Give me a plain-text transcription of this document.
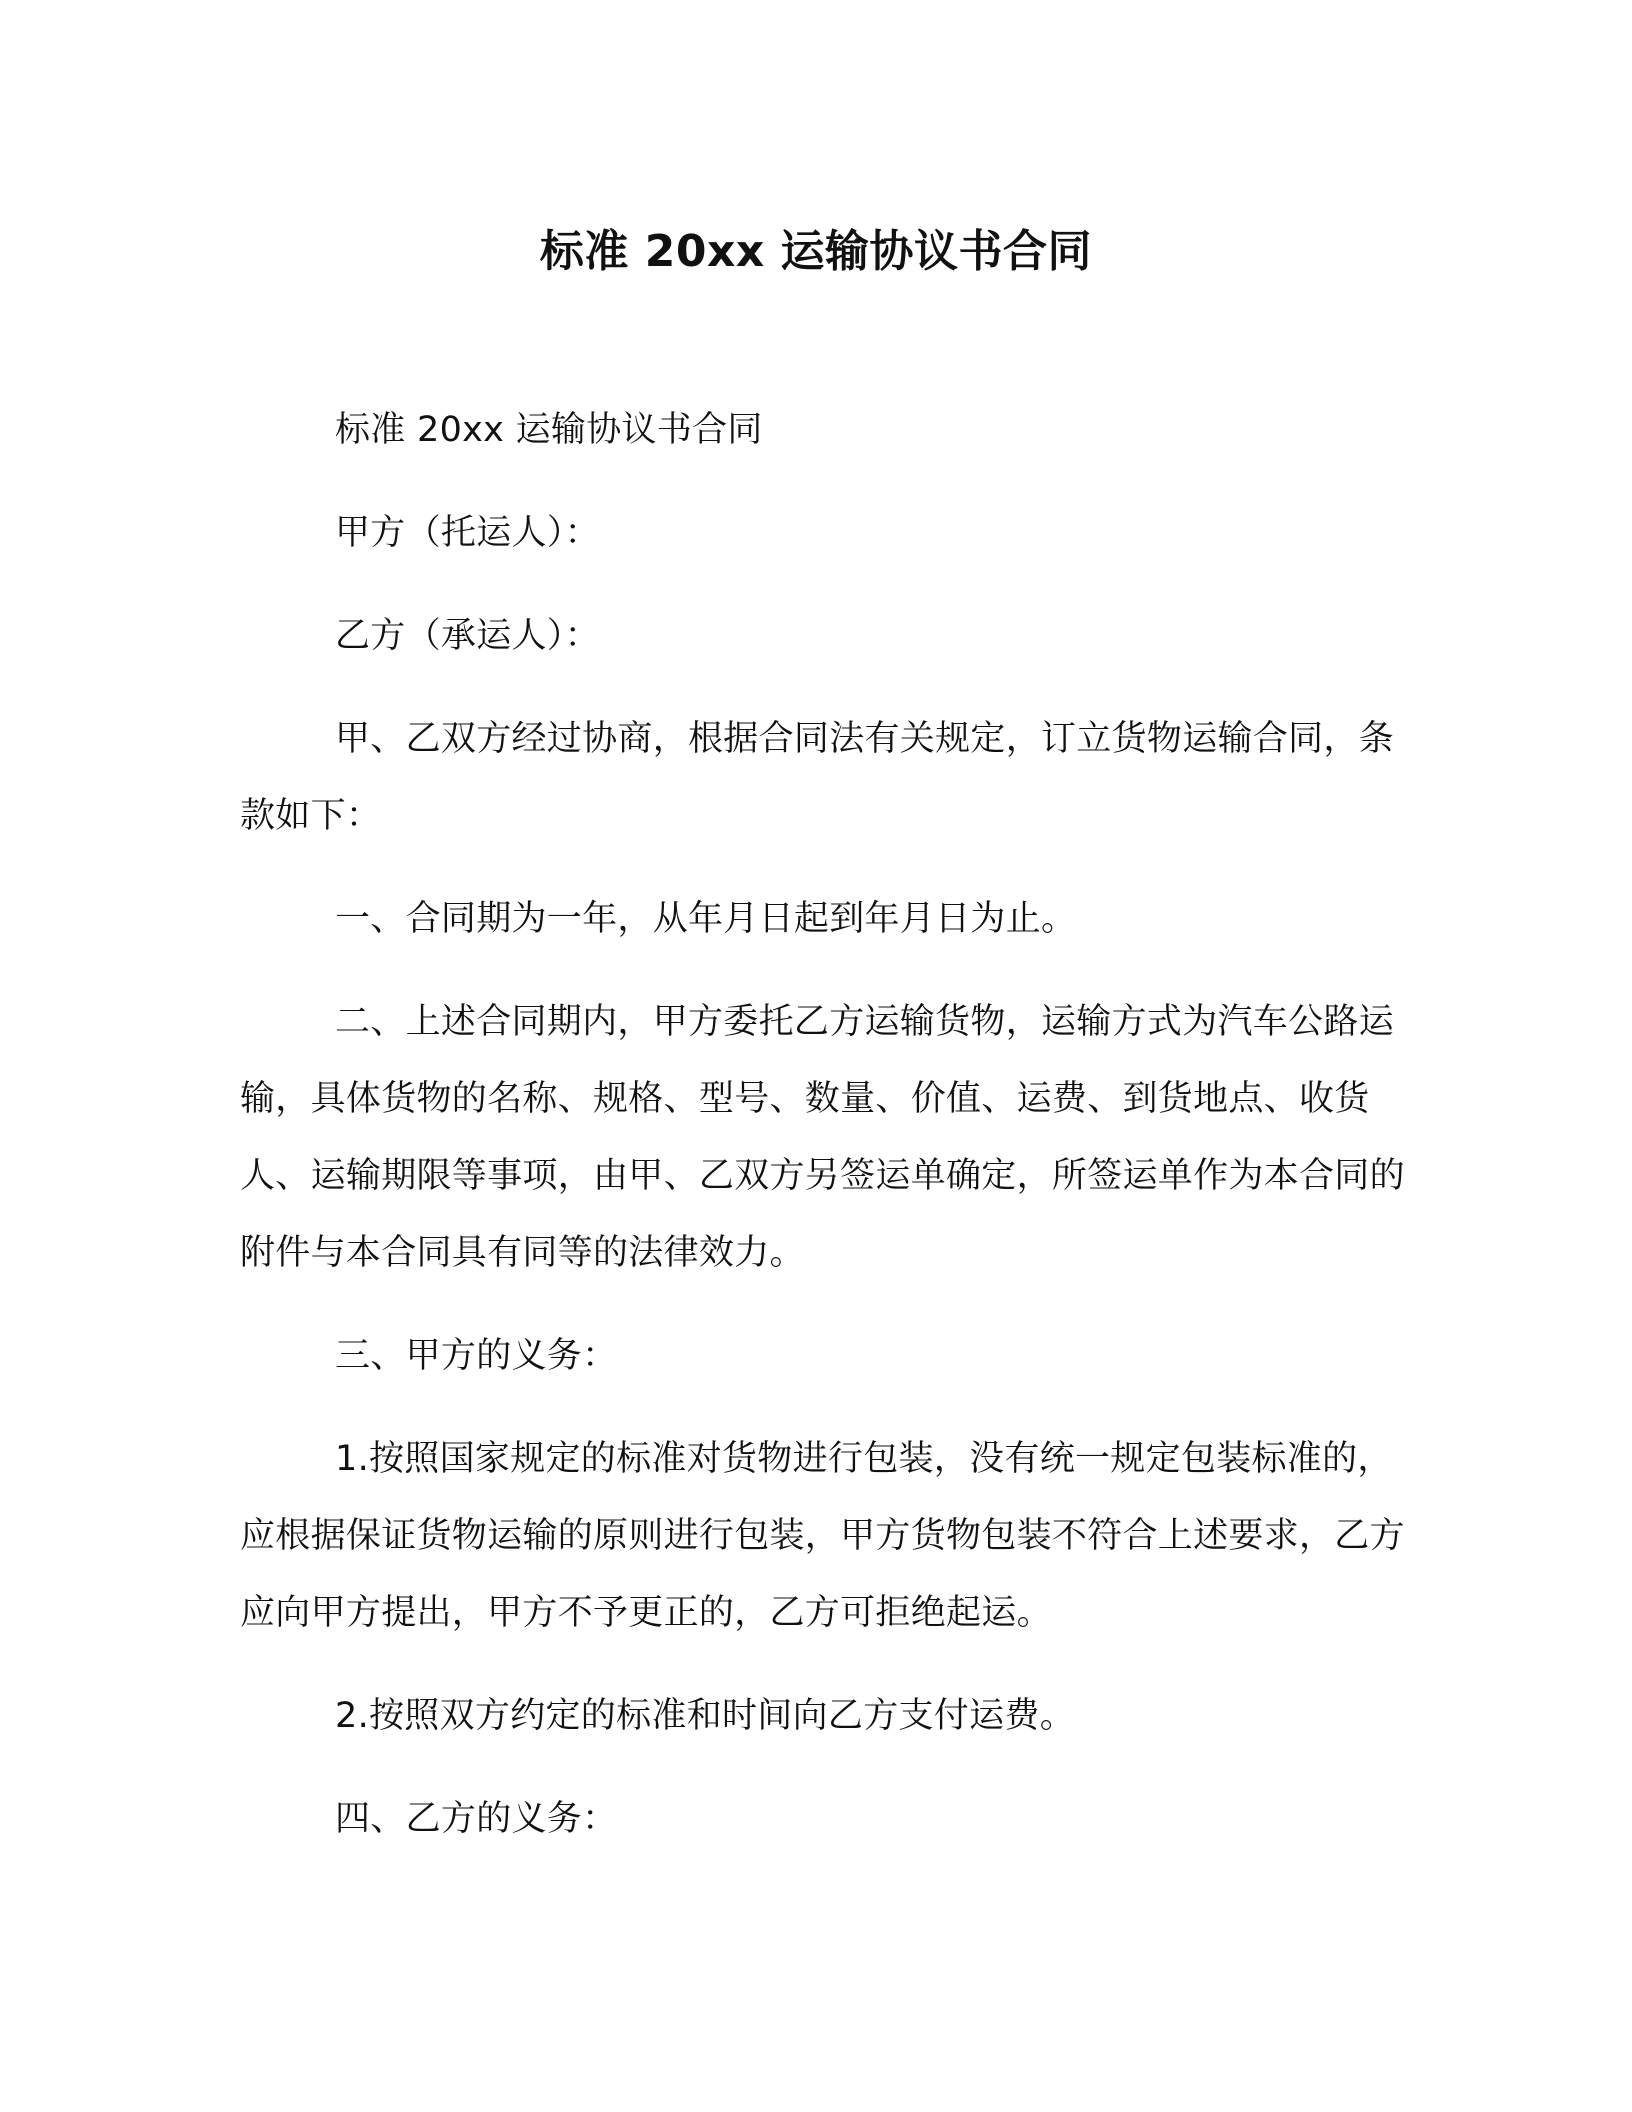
标准 20xx 运输协议书合同

标准 20xx 运输协议书合同

甲方（托运人）：

乙方（承运人）：

甲、乙双方经过协商，根据合同法有关规定，订立货物运输合同，条款如下：

一、合同期为一年，从年月日起到年月日为止。

二、上述合同期内，甲方委托乙方运输货物，运输方式为汽车公路运输，具体货物的名称、规格、型号、数量、价值、运费、到货地点、收货人、运输期限等事项，由甲、乙双方另签运单确定，所签运单作为本合同的附件与本合同具有同等的法律效力。

三、甲方的义务：

1.按照国家规定的标准对货物进行包装，没有统一规定包装标准的，应根据保证货物运输的原则进行包装，甲方货物包装不符合上述要求，乙方应向甲方提出，甲方不予更正的，乙方可拒绝起运。

2.按照双方约定的标准和时间向乙方支付运费。

四、乙方的义务：
